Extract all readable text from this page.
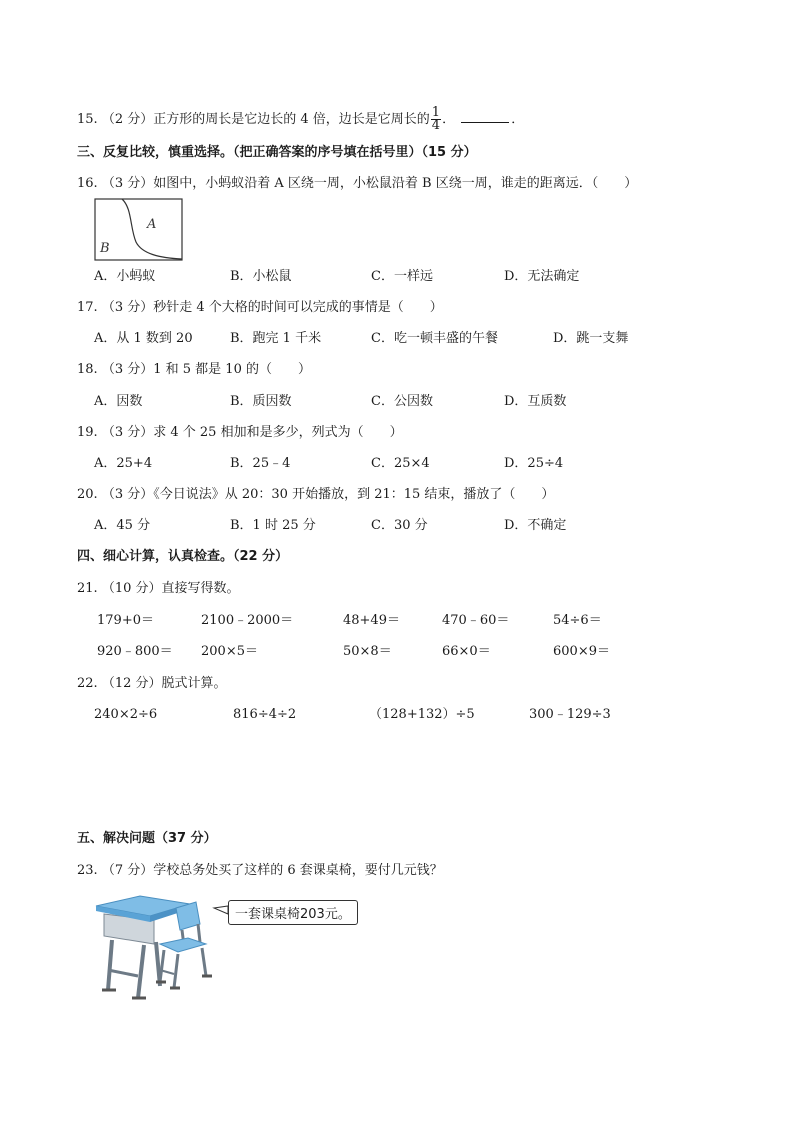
15. （2 分）正方形的周长是它边长的 4 倍，边长是它周长的 $\frac{1}{4}$ ．	．
三、反复比较，慎重选择。（把正确答案的序号填在括号里）（15 分）
16. （3 分）如图中，小蚂蚁沿着 A 区绕一周，小松鼠沿着 B 区绕一周，谁走的距离远．（　　）
A
B
A．小蚂蚁	B．小松鼠	C．一样远	D．无法确定
17. （3 分）秒针走 4 个大格的时间可以完成的事情是（　　）
A．从 1 数到 20	B．跑完 1 千米	C．吃一顿丰盛的午餐	D．跳一支舞
18. （3 分）1 和 5 都是 10 的（　　）
A．因数	B．质因数	C．公因数	D．互质数
19. （3 分）求 4 个 25 相加和是多少，列式为（　　）
A．25+4	B．25﹣4	C．25×4	D．25÷4
20. （3 分）《今日说法》从 20：30 开始播放，到 21：15 结束，播放了（　　）
A．45 分	B．1 时 25 分	C．30 分	D．不确定
四、细心计算，认真检查。（22 分）
21. （10 分）直接写得数。
179+0＝	2100﹣2000＝	48+49＝	470﹣60＝	54÷6＝
920﹣800＝ 200×5＝	50×8＝	66×0＝	600×9＝
22. （12 分）脱式计算。
240×2÷6	816÷4÷2	（128+132）÷5	300﹣129÷3
五、解决问题（37 分）
23. （7 分）学校总务处买了这样的 6 套课桌椅，要付几元钱？
一套课桌椅203元。
